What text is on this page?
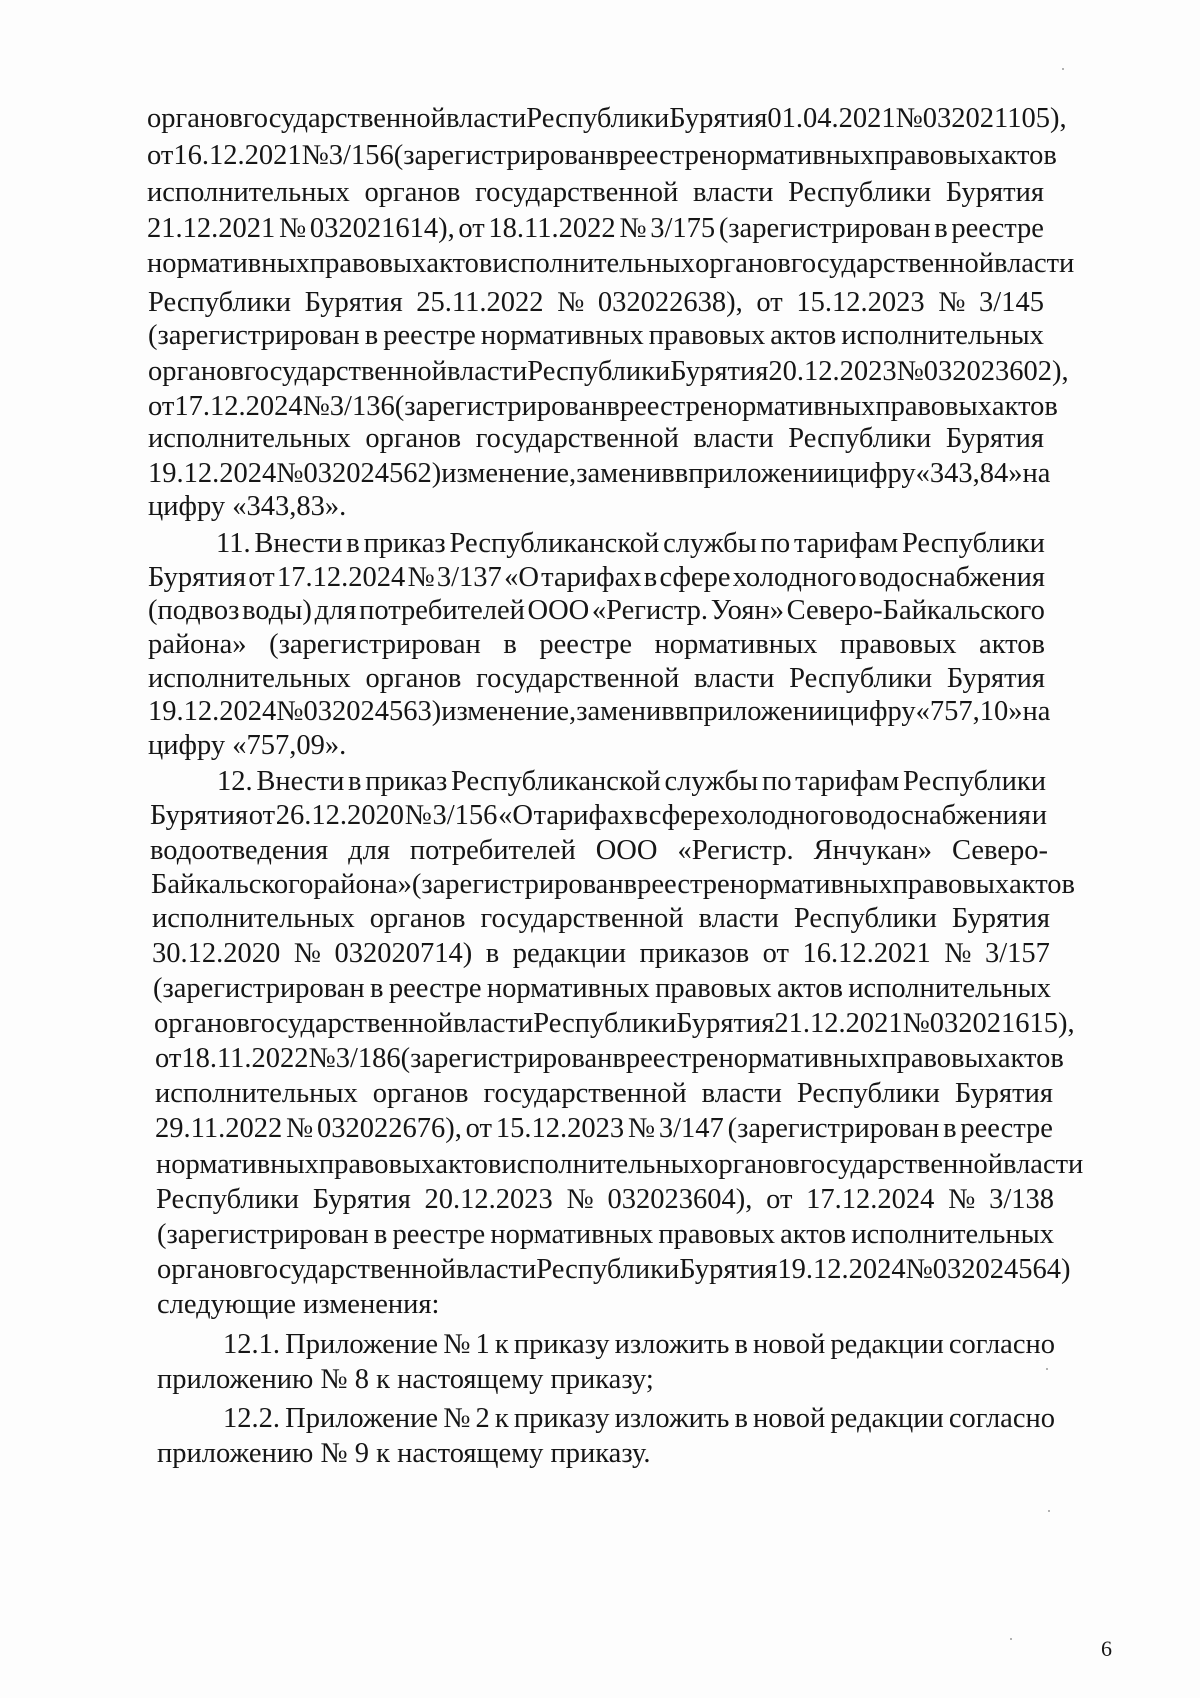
органов государственной власти Республики Бурятия 01.04.2021 № 032021105),
от 16.12.2021 № 3/156 (зарегистрирован в реестре нормативных правовых актов
исполнительных органов государственной власти Республики Бурятия
21.12.2021 № 032021614), от 18.11.2022 № 3/175 (зарегистрирован в реестре
нормативных правовых актов исполнительных органов государственной власти
Республики Бурятия 25.11.2022 № 032022638), от 15.12.2023 № 3/145
(зарегистрирован в реестре нормативных правовых актов исполнительных
органов государственной власти Республики Бурятия 20.12.2023 № 032023602),
от 17.12.2024 № 3/136 (зарегистрирован в реестре нормативных правовых актов
исполнительных органов государственной власти Республики Бурятия
19.12.2024 № 032024562) изменение, заменив в приложении цифру «343,84» на
цифру «343,83».
11. Внести в приказ Республиканской службы по тарифам Республики
Бурятия от 17.12.2024 № 3/137 «О тарифах в сфере холодного водоснабжения
(подвоз воды) для потребителей ООО «Регистр. Уоян» Северо-Байкальского
района» (зарегистрирован в реестре нормативных правовых актов
исполнительных органов государственной власти Республики Бурятия
19.12.2024 № 032024563) изменение, заменив в приложении цифру «757,10» на
цифру «757,09».
12. Внести в приказ Республиканской службы по тарифам Республики
Бурятия от 26.12.2020 № 3/156 «О тарифах в сфере холодного водоснабжения и
водоотведения для потребителей ООО «Регистр. Янчукан» Северо-
Байкальского района» (зарегистрирован в реестре нормативных правовых актов
исполнительных органов государственной власти Республики Бурятия
30.12.2020 № 032020714) в редакции приказов от 16.12.2021 № 3/157
(зарегистрирован в реестре нормативных правовых актов исполнительных
органов государственной власти Республики Бурятия 21.12.2021 № 032021615),
от 18.11.2022 № 3/186 (зарегистрирован в реестре нормативных правовых актов
исполнительных органов государственной власти Республики Бурятия
29.11.2022 № 032022676), от 15.12.2023 № 3/147 (зарегистрирован в реестре
нормативных правовых актов исполнительных органов государственной власти
Республики Бурятия 20.12.2023 № 032023604), от 17.12.2024 № 3/138
(зарегистрирован в реестре нормативных правовых актов исполнительных
органов государственной власти Республики Бурятия 19.12.2024 № 032024564)
следующие изменения:
12.1. Приложение № 1 к приказу изложить в новой редакции согласно
приложению № 8 к настоящему приказу;
12.2. Приложение № 2 к приказу изложить в новой редакции согласно
приложению № 9 к настоящему приказу.
6
